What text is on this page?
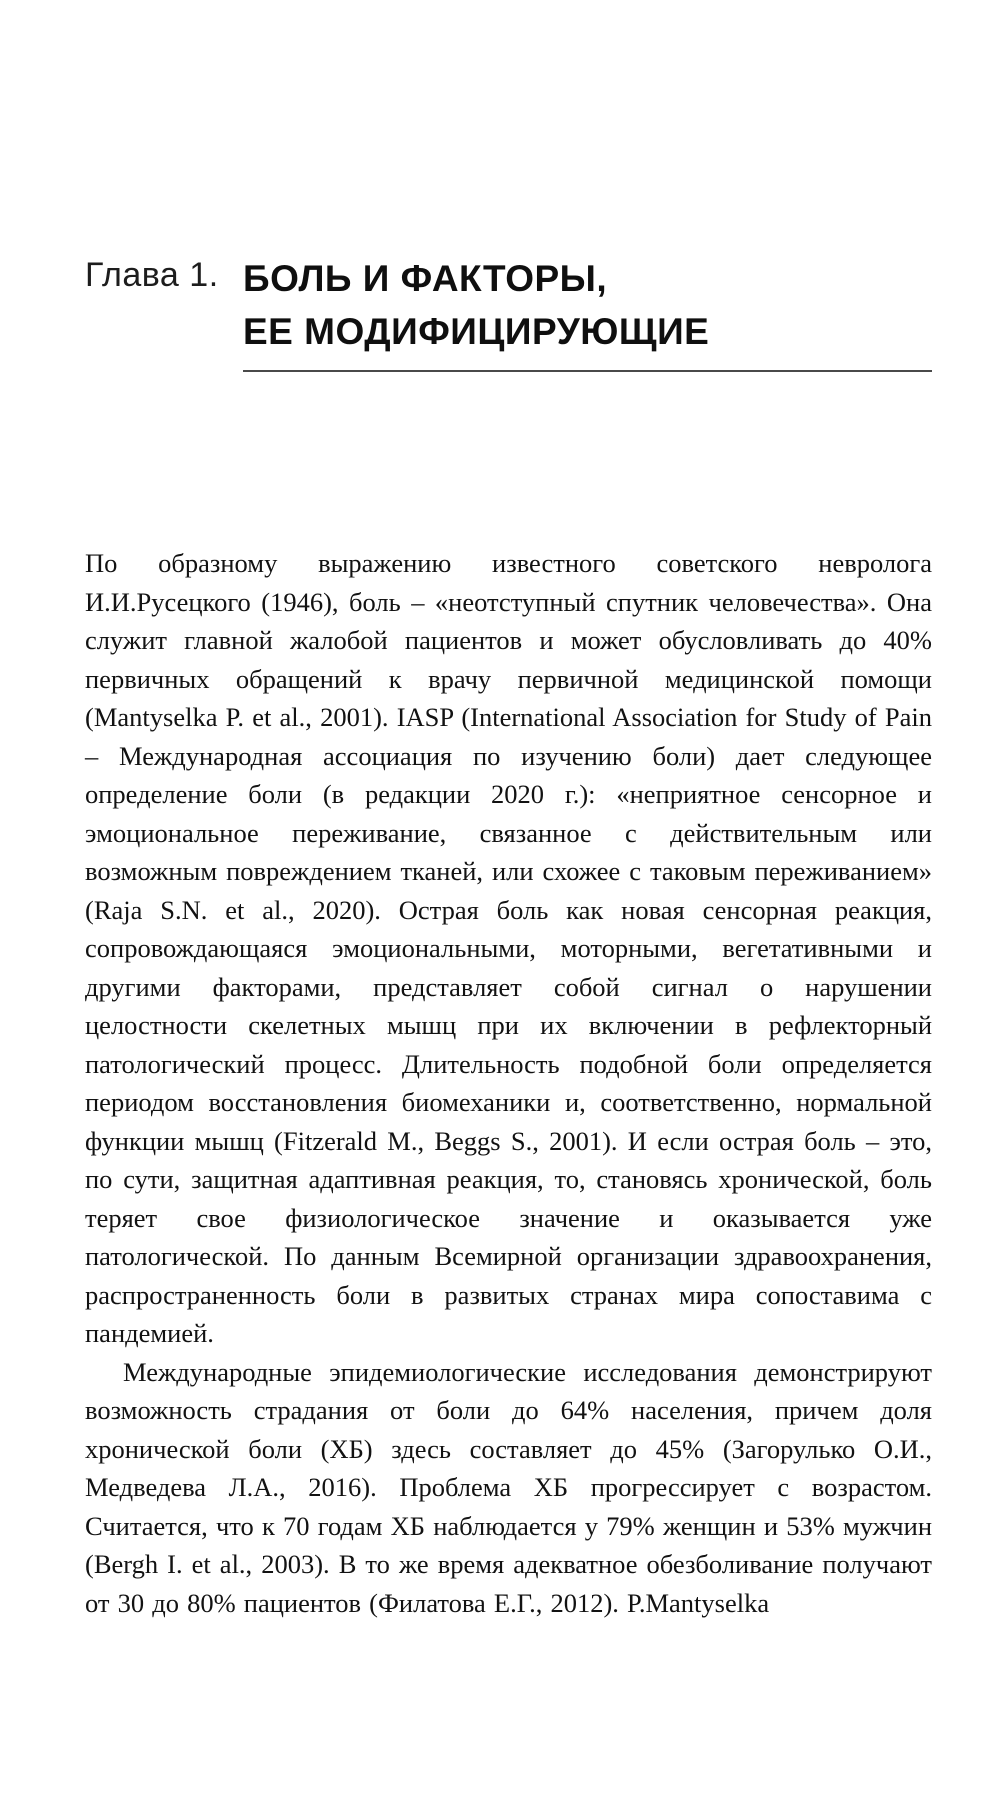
Глава 1. БОЛЬ И ФАКТОРЫ,
ЕЕ МОДИФИЦИРУЮЩИЕ

По образному выражению известного советского невролога И.И.Русецкого (1946), боль – «неотступный спутник человечества». Она служит главной жалобой пациентов и может обусловливать до 40% первичных обращений к врачу первичной медицинской помощи (Mantyselka P. et al., 2001). IASP (International Association for Study of Pain – Международная ассоциация по изучению боли) дает следующее определение боли (в редакции 2020 г.): «неприятное сенсорное и эмоциональное переживание, связанное с действительным или возможным повреждением тканей, или схожее с таковым переживанием» (Raja S.N. et al., 2020). Острая боль как новая сенсорная реакция, сопровождающаяся эмоциональными, моторными, вегетативными и другими факторами, представляет собой сигнал о нарушении целостности скелетных мышц при их включении в рефлекторный патологический процесс. Длительность подобной боли определяется периодом восстановления биомеханики и, соответственно, нормальной функции мышц (Fitzerald M., Beggs S., 2001). И если острая боль – это, по сути, защитная адаптивная реакция, то, становясь хронической, боль теряет свое физиологическое значение и оказывается уже патологической. По данным Всемирной организации здравоохранения, распространенность боли в развитых странах мира сопоставима с пандемией.

Международные эпидемиологические исследования демонстрируют возможность страдания от боли до 64% населения, причем доля хронической боли (ХБ) здесь составляет до 45% (Загорулько О.И., Медведева Л.А., 2016). Проблема ХБ прогрессирует с возрастом. Считается, что к 70 годам ХБ наблюдается у 79% женщин и 53% мужчин (Bergh I. et al., 2003). В то же время адекватное обезболивание получают от 30 до 80% пациентов (Филатова Е.Г., 2012). P.Mantyselka
